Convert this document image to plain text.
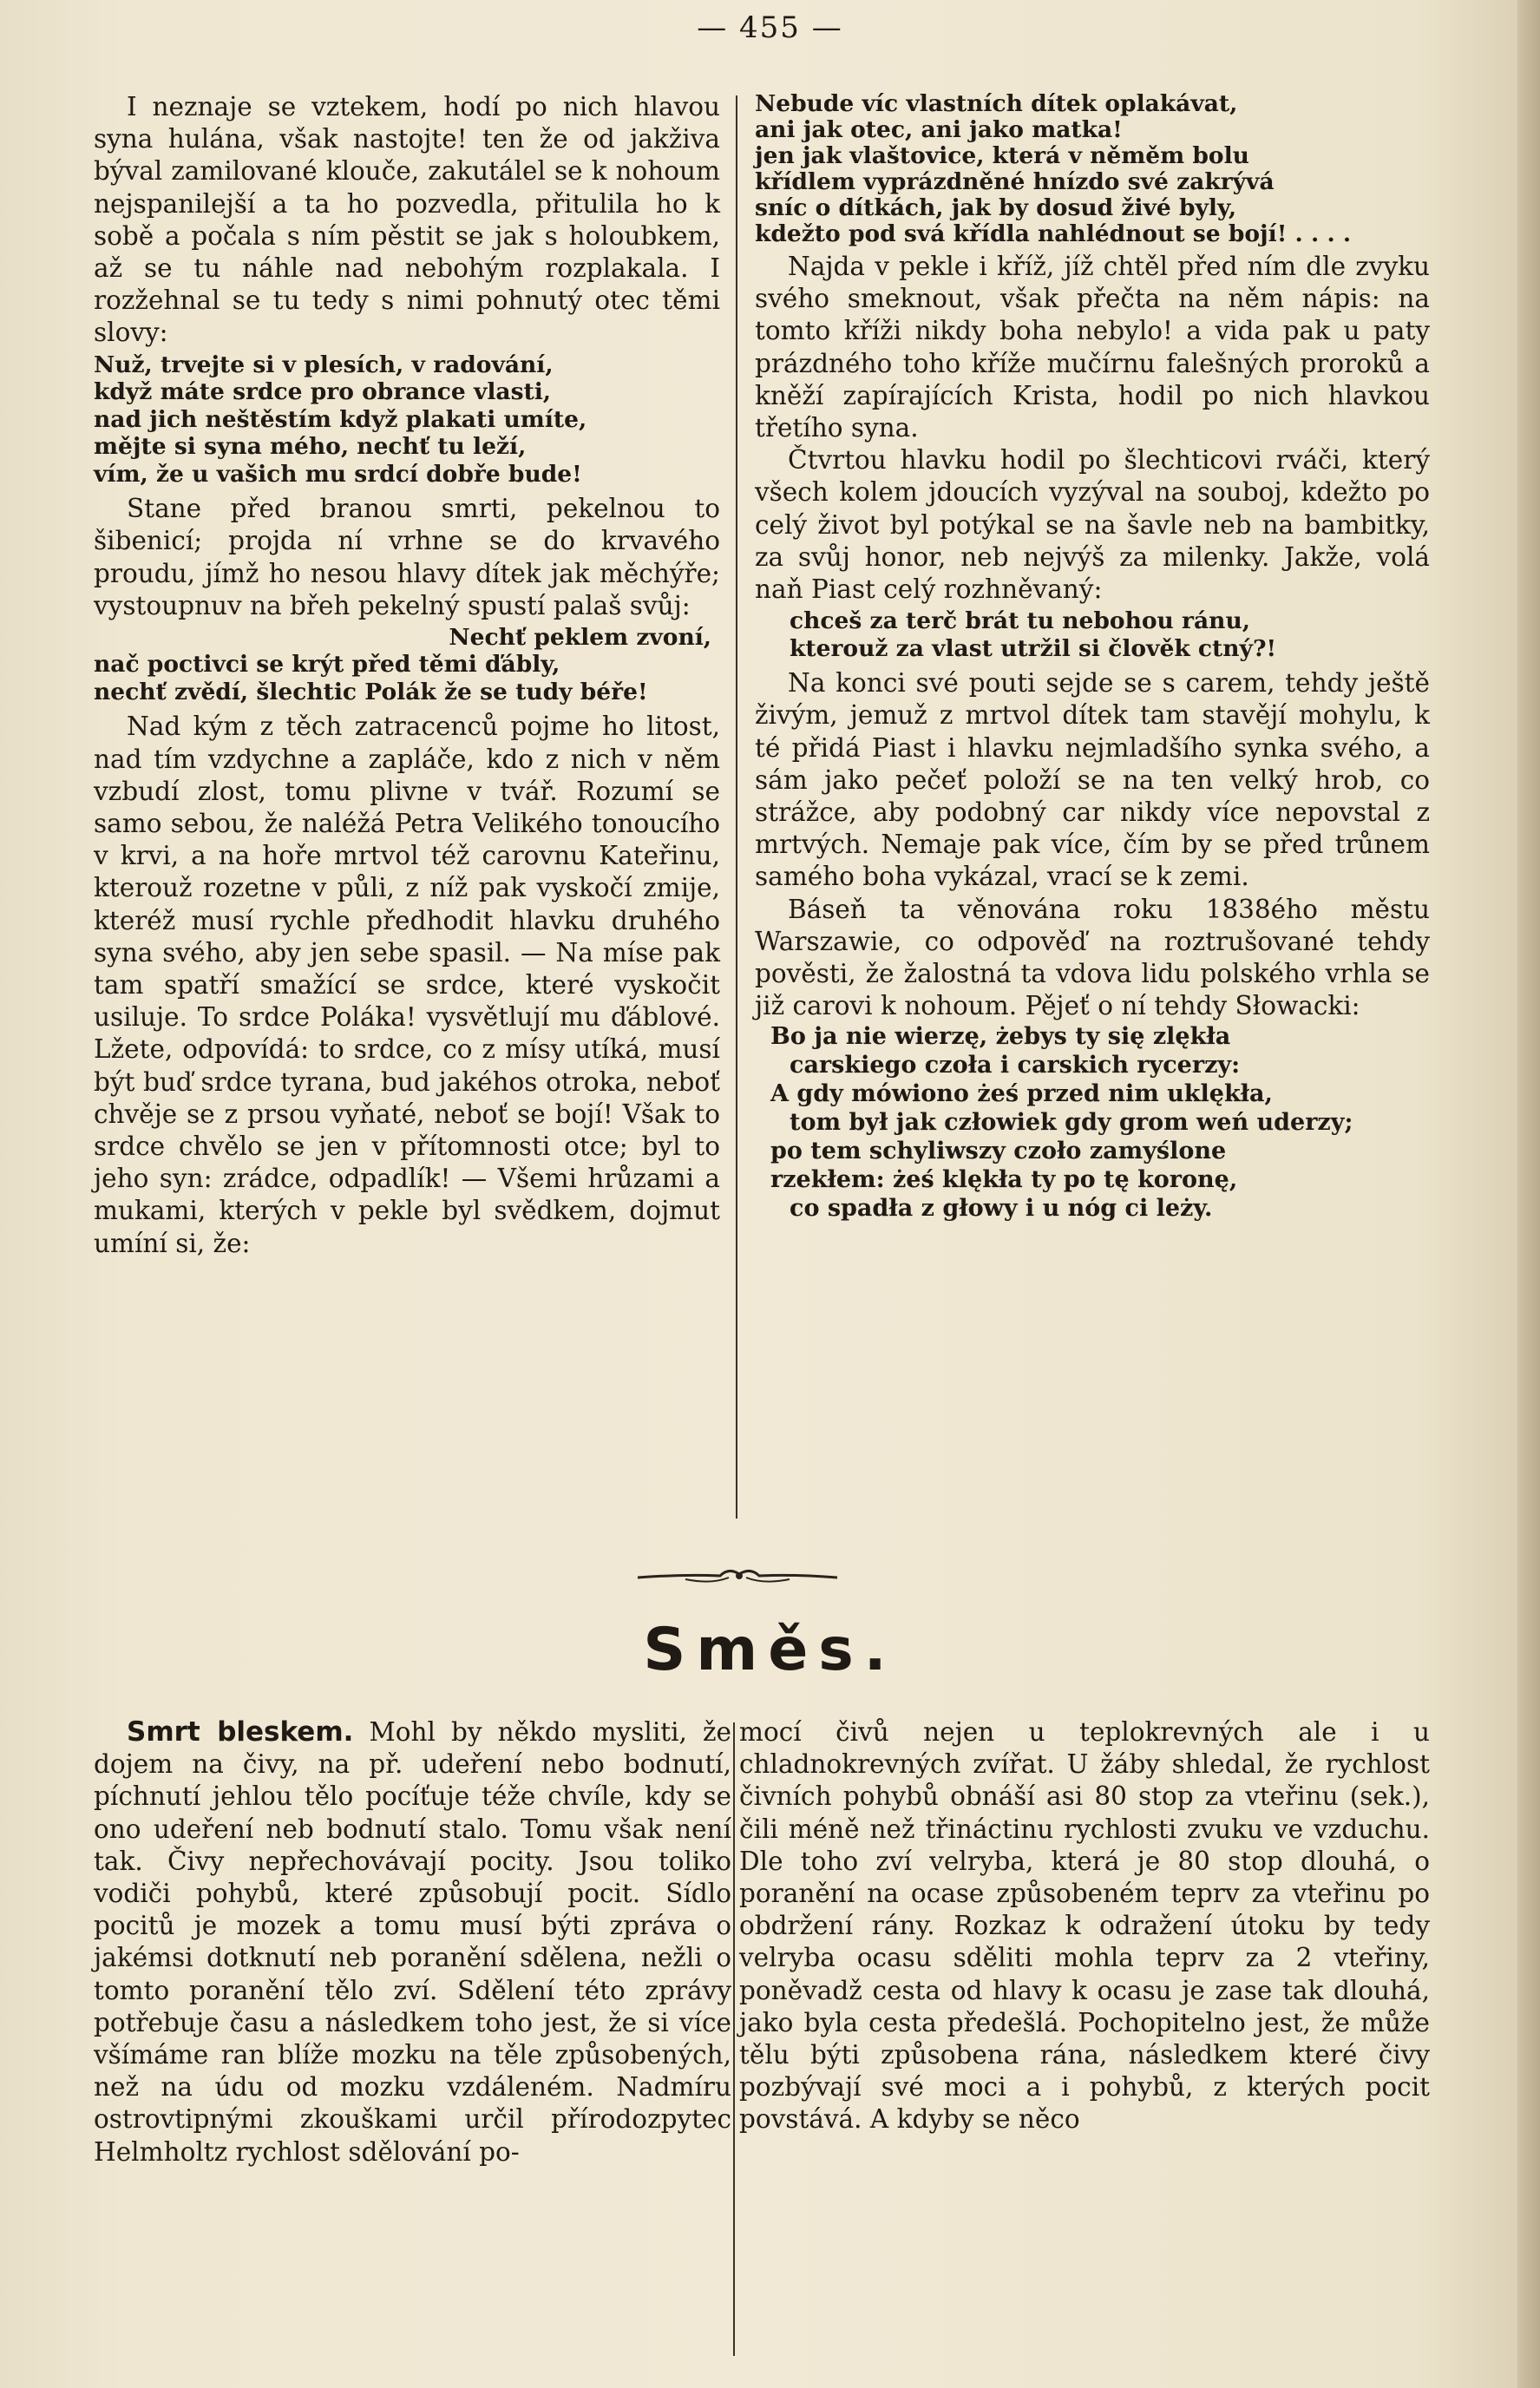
— 455 —

I neznaje se vztekem, hodí po nich hlavou syna hulána, však nastojte! ten že od jakživa býval zamilované klouče, zakutálel se k nohoum nejspanilejší a ta ho pozvedla, přitulila ho k sobě a počala s ním pěstit se jak s holoubkem, až se tu náhle nad nebohým rozplakala. I rozžehnal se tu tedy s nimi pohnutý otec těmi slovy:

Nuž, trvejte si v plesích, v radování,
když máte srdce pro obrance vlasti,
nad jich neštěstím když plakati umíte,
mějte si syna mého, nechť tu leží,
vím, že u vašich mu srdcí dobře bude!

Stane před branou smrti, pekelnou to šibenicí; projda ní vrhne se do krvavého proudu, jímž ho nesou hlavy dítek jak měchýře; vystoupnuv na břeh pekelný spustí palaš svůj:

Nechť peklem zvoní,
nač poctivci se krýt před těmi ďábly,
nechť zvědí, šlechtic Polák že se tudy béře!

Nad kým z těch zatracenců pojme ho litost, nad tím vzdychne a zapláče, kdo z nich v něm vzbudí zlost, tomu plivne v tvář. Rozumí se samo sebou, že naléžá Petra Velikého tonoucího v krvi, a na hoře mrtvol též carovnu Kateřinu, kterouž rozetne v půli, z níž pak vyskočí zmije, kteréž musí rychle předhodit hlavku druhého syna svého, aby jen sebe spasil. — Na míse pak tam spatří smažící se srdce, které vyskočit usiluje. To srdce Poláka! vysvětlují mu ďáblové. Lžete, odpovídá: to srdce, co z mísy utíká, musí být buď srdce tyrana, bud jakéhos otroka, neboť chvěje se z prsou vyňaté, neboť se bojí! Však to srdce chvělo se jen v přítomnosti otce; byl to jeho syn: zrádce, odpadlík! — Všemi hrůzami a mukami, kterých v pekle byl svědkem, dojmut umíní si, že:

Nebude víc vlastních dítek oplakávat,
ani jak otec, ani jako matka!
jen jak vlaštovice, která v něměm bolu
křídlem vyprázdněné hnízdo své zakrývá
sníc o dítkách, jak by dosud živé byly,
kdežto pod svá křídla nahlédnout se bojí! . . . .

Najda v pekle i kříž, jíž chtěl před ním dle zvyku svého smeknout, však přečta na něm nápis: na tomto kříži nikdy boha nebylo! a vida pak u paty prázdného toho kříže mučírnu falešných proroků a kněží zapírajících Krista, hodil po nich hlavkou třetího syna.

Čtvrtou hlavku hodil po šlechticovi rváči, který všech kolem jdoucích vyzýval na souboj, kdežto po celý život byl potýkal se na šavle neb na bambitky, za svůj honor, neb nejvýš za milenky. Jakže, volá naň Piast celý rozhněvaný:

chceš za terč brát tu nebohou ránu,
kterouž za vlast utržil si člověk ctný?!

Na konci své pouti sejde se s carem, tehdy ještě živým, jemuž z mrtvol dítek tam stavějí mohylu, k té přidá Piast i hlavku nejmladšího synka svého, a sám jako pečeť položí se na ten velký hrob, co strážce, aby podobný car nikdy více nepovstal z mrtvých. Nemaje pak více, čím by se před trůnem samého boha vykázal, vrací se k zemi.

Báseň ta věnována roku 1838ého městu Warszawie, co odpověď na roztrušované tehdy pověsti, že žalostná ta vdova lidu polského vrhla se již carovi k nohoum. Pějeť o ní tehdy Słowacki:

Bo ja nie wierzę, żebys ty się zlękła
carskiego czoła i carskich rycerzy:
A gdy mówiono żeś przed nim uklękła,
tom był jak człowiek gdy grom weń uderzy;
po tem schyliwszy czoło zamyślone
rzekłem: żeś klękła ty po tę koronę,
co spadła z głowy i u nóg ci leży.
Směs.

Smrt bleskem. Mohl by někdo mysliti, že dojem na čivy, na př. udeření nebo bodnutí, píchnutí jehlou tělo pocíťuje téže chvíle, kdy se ono udeření neb bodnutí stalo. Tomu však není tak. Čivy nepřechovávají pocity. Jsou toliko vodiči pohybů, které způsobují pocit. Sídlo pocitů je mozek a tomu musí býti zpráva o jakémsi dotknutí neb poranění sdělena, nežli o tomto poranění tělo zví. Sdělení této zprávy potřebuje času a následkem toho jest, že si více všímáme ran blíže mozku na těle způsobených, než na údu od mozku vzdáleném. Nadmíru ostrovtipnými zkouškami určil přírodozpytec Helmholtz rychlost sdělování po-

mocí čivů nejen u teplokrevných ale i u chladnokrevných zvířat. U žáby shledal, že rychlost čivních pohybů obnáší asi 80 stop za vteřinu (sek.), čili méně než třináctinu rychlosti zvuku ve vzduchu. Dle toho zví velryba, která je 80 stop dlouhá, o poranění na ocase způsobeném teprv za vteřinu po obdržení rány. Rozkaz k odražení útoku by tedy velryba ocasu sděliti mohla teprv za 2 vteřiny, poněvadž cesta od hlavy k ocasu je zase tak dlouhá, jako byla cesta předešlá. Pochopitelno jest, že může tělu býti způsobena rána, následkem které čivy pozbývají své moci a i pohybů, z kterých pocit povstává. A kdyby se něco
